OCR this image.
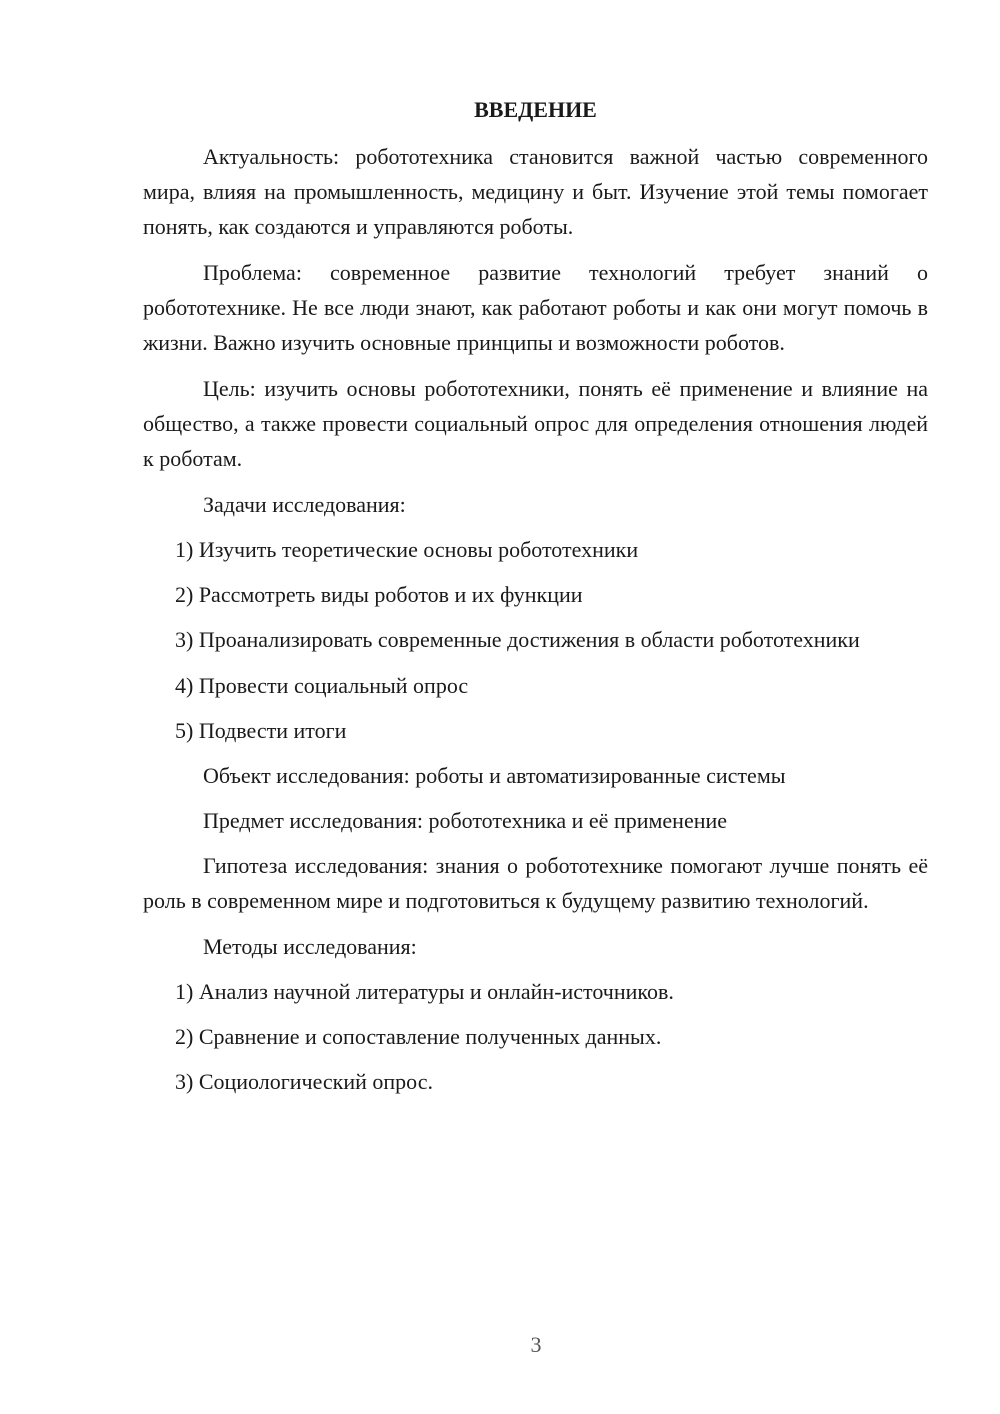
ВВЕДЕНИЕ

Актуальность: робототехника становится важной частью современного мира, влияя на промышленность, медицину и быт. Изучение этой темы помогает понять, как создаются и управляются роботы.

Проблема: современное развитие технологий требует знаний о робототехнике. Не все люди знают, как работают роботы и как они могут помочь в жизни. Важно изучить основные принципы и возможности роботов.

Цель: изучить основы робототехники, понять её применение и влияние на общество, а также провести социальный опрос для определения отношения людей к роботам.

Задачи исследования:
1) Изучить теоретические основы робототехники
2) Рассмотреть виды роботов и их функции

3) Проанализировать современные достижения в области робототехники

4) Провести социальный опрос
5) Подвести итоги
Объект исследования: роботы и автоматизированные системы
Предмет исследования: робототехника и её применение

Гипотеза исследования: знания о робототехнике помогают лучше понять её роль в современном мире и подготовиться к будущему развитию технологий.

Методы исследования:
1) Анализ научной литературы и онлайн-источников.
2) Сравнение и сопоставление полученных данных.
3) Социологический опрос.
3
